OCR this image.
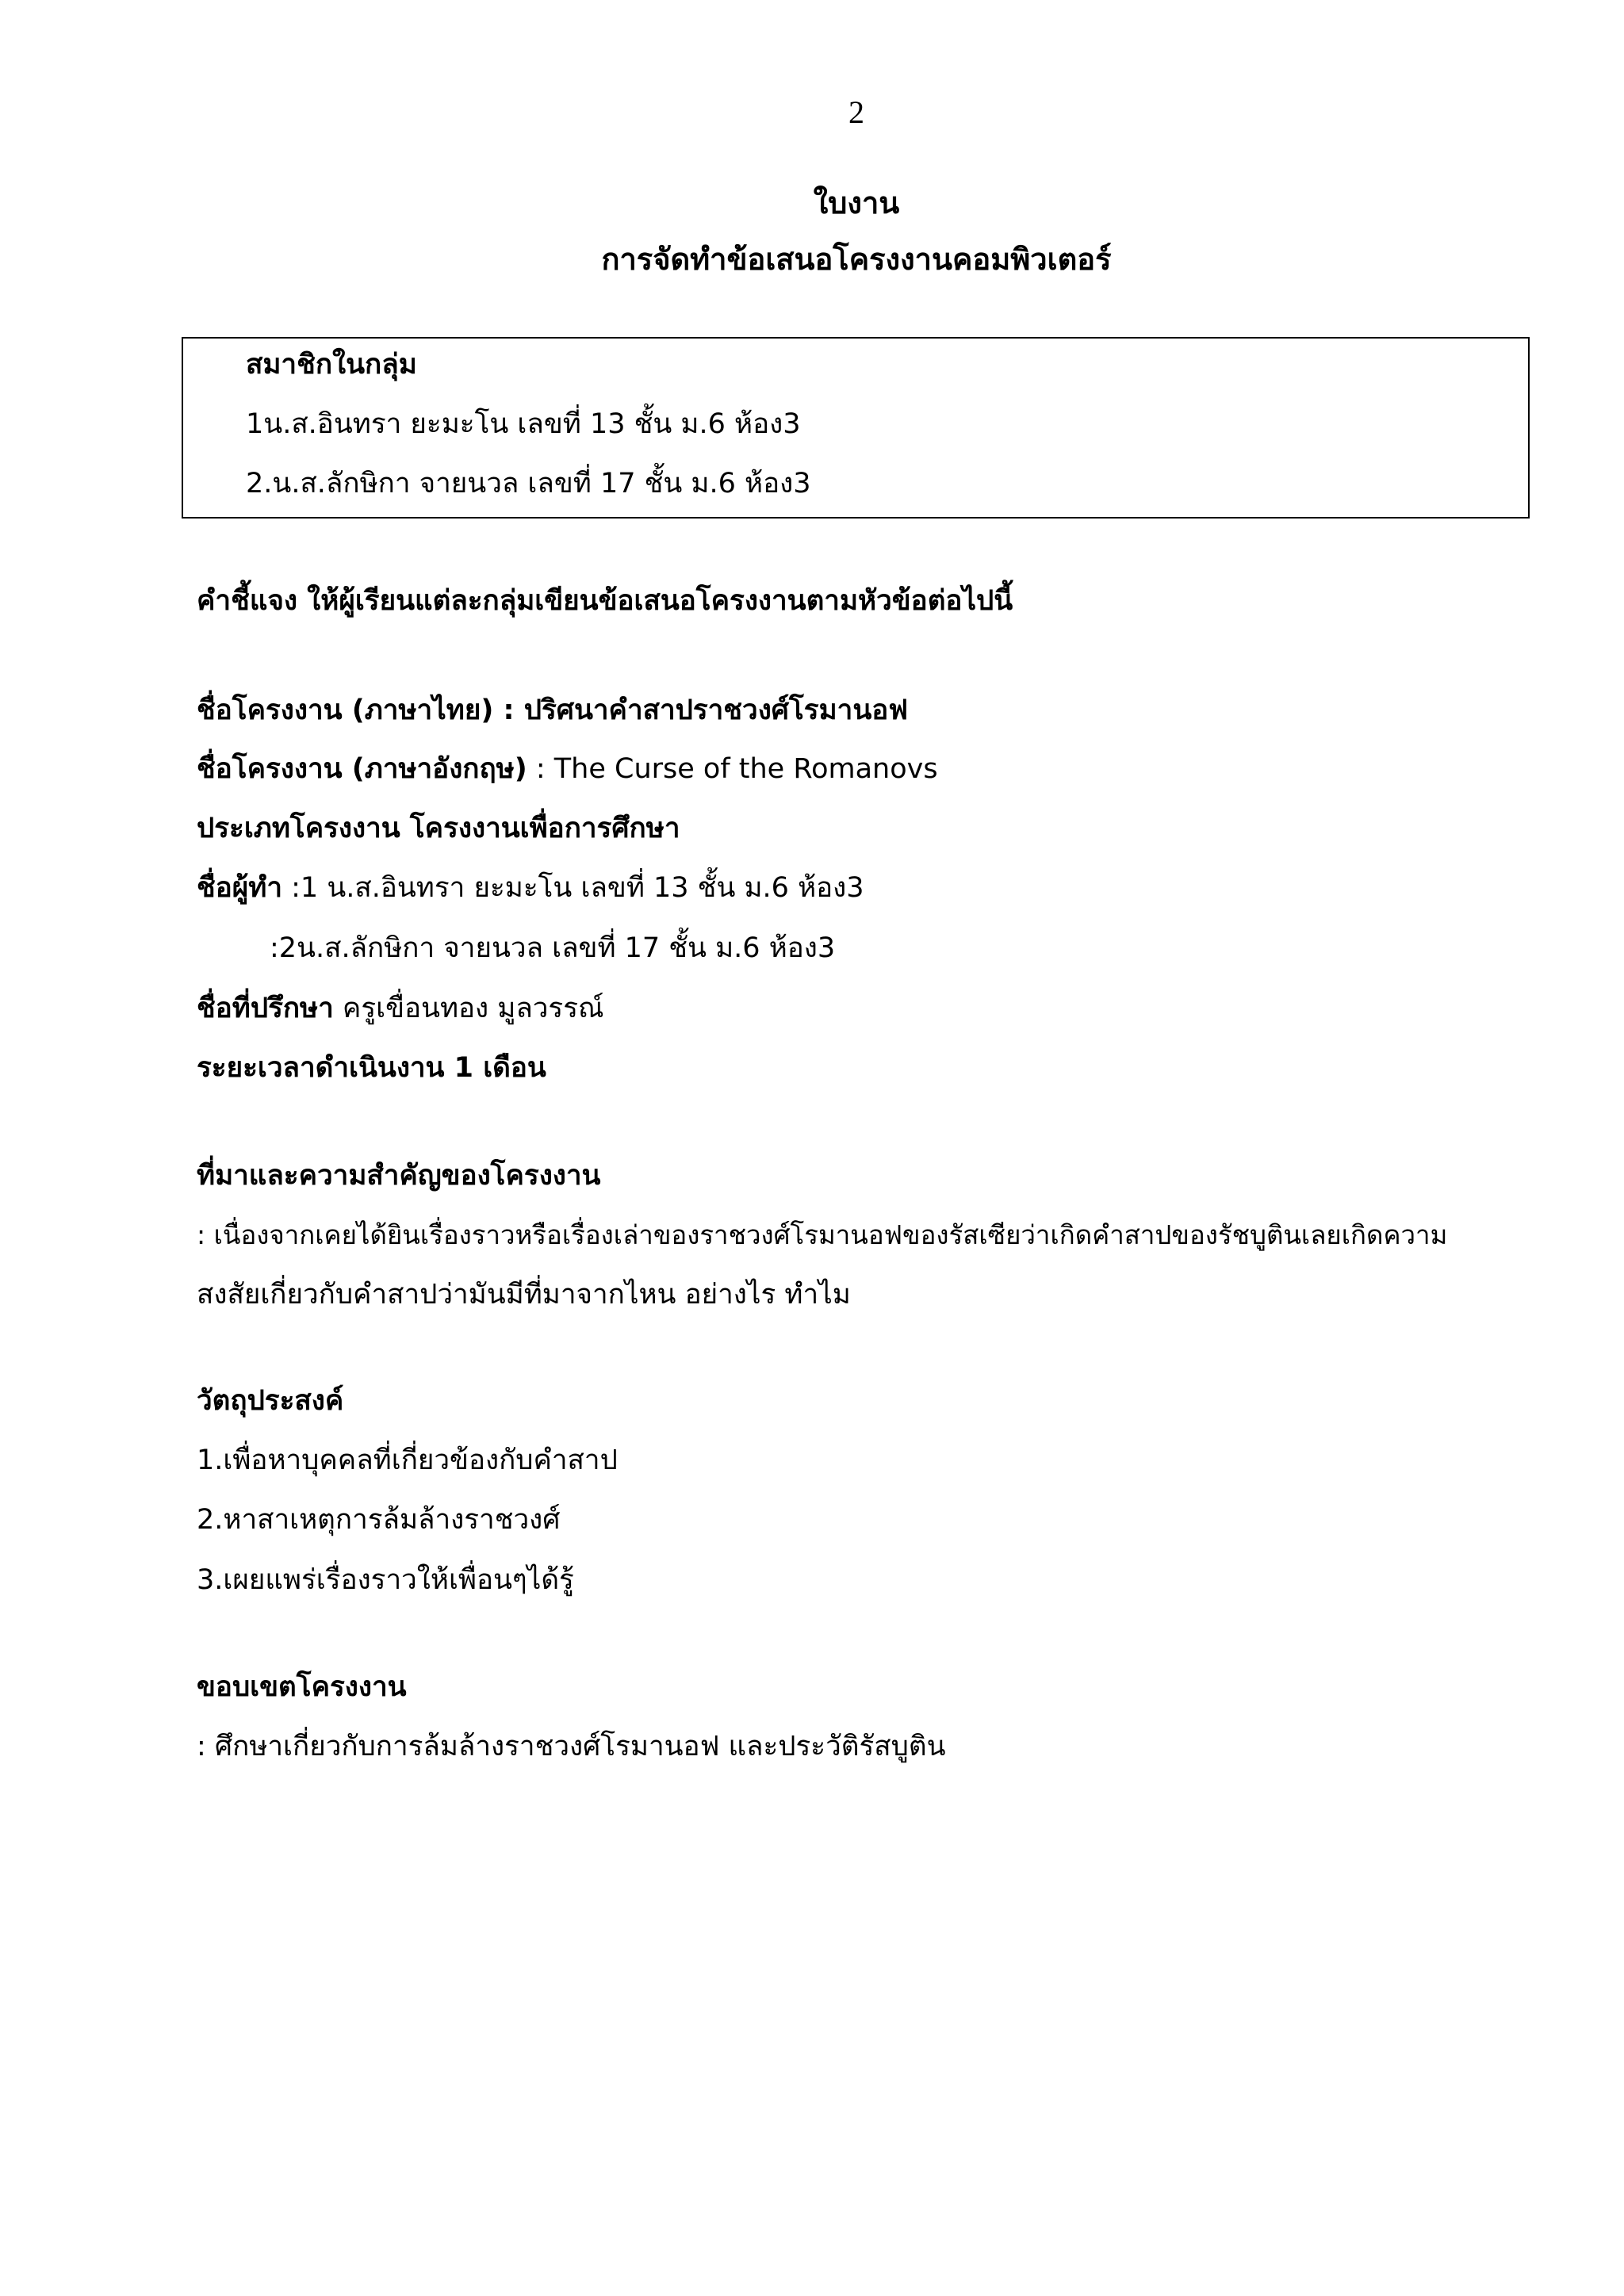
2
ใบงาน
การจัดทำข้อเสนอโครงงานคอมพิวเตอร์
สมาชิกในกลุ่ม
1น.ส.อินทรา ยะมะโน เลขที่ 13 ชั้น ม.6 ห้อง3
2.น.ส.ลักษิกา จายนวล เลขที่ 17 ชั้น ม.6 ห้อง3
คำชี้แจง ให้ผู้เรียนแต่ละกลุ่มเขียนข้อเสนอโครงงานตามหัวข้อต่อไปนี้
ชื่อโครงงาน (ภาษาไทย) : ปริศนาคำสาปราชวงศ์โรมานอฟ
ชื่อโครงงาน (ภาษาอังกฤษ) : The Curse of the Romanovs
ประเภทโครงงาน โครงงานเพื่อการศึกษา
ชื่อผู้ทำ :1 น.ส.อินทรา ยะมะโน เลขที่ 13 ชั้น ม.6 ห้อง3
:2น.ส.ลักษิกา จายนวล เลขที่ 17 ชั้น ม.6 ห้อง3
ชื่อที่ปรึกษา ครูเขื่อนทอง มูลวรรณ์
ระยะเวลาดำเนินงาน 1 เดือน
ที่มาและความสำคัญของโครงงาน
: เนื่องจากเคยได้ยินเรื่องราวหรือเรื่องเล่าของราชวงศ์โรมานอฟของรัสเซียว่าเกิดคำสาปของรัชบูตินเลยเกิดความ
สงสัยเกี่ยวกับคำสาปว่ามันมีที่มาจากไหน อย่างไร ทำไม
วัตถุประสงค์
1.เพื่อหาบุคคลที่เกี่ยวข้องกับคำสาป
2.หาสาเหตุการล้มล้างราชวงศ์
3.เผยแพร่เรื่องราวให้เพื่อนๆได้รู้
ขอบเขตโครงงาน
: ศึกษาเกี่ยวกับการล้มล้างราชวงศ์โรมานอฟ และประวัติรัสบูติน
